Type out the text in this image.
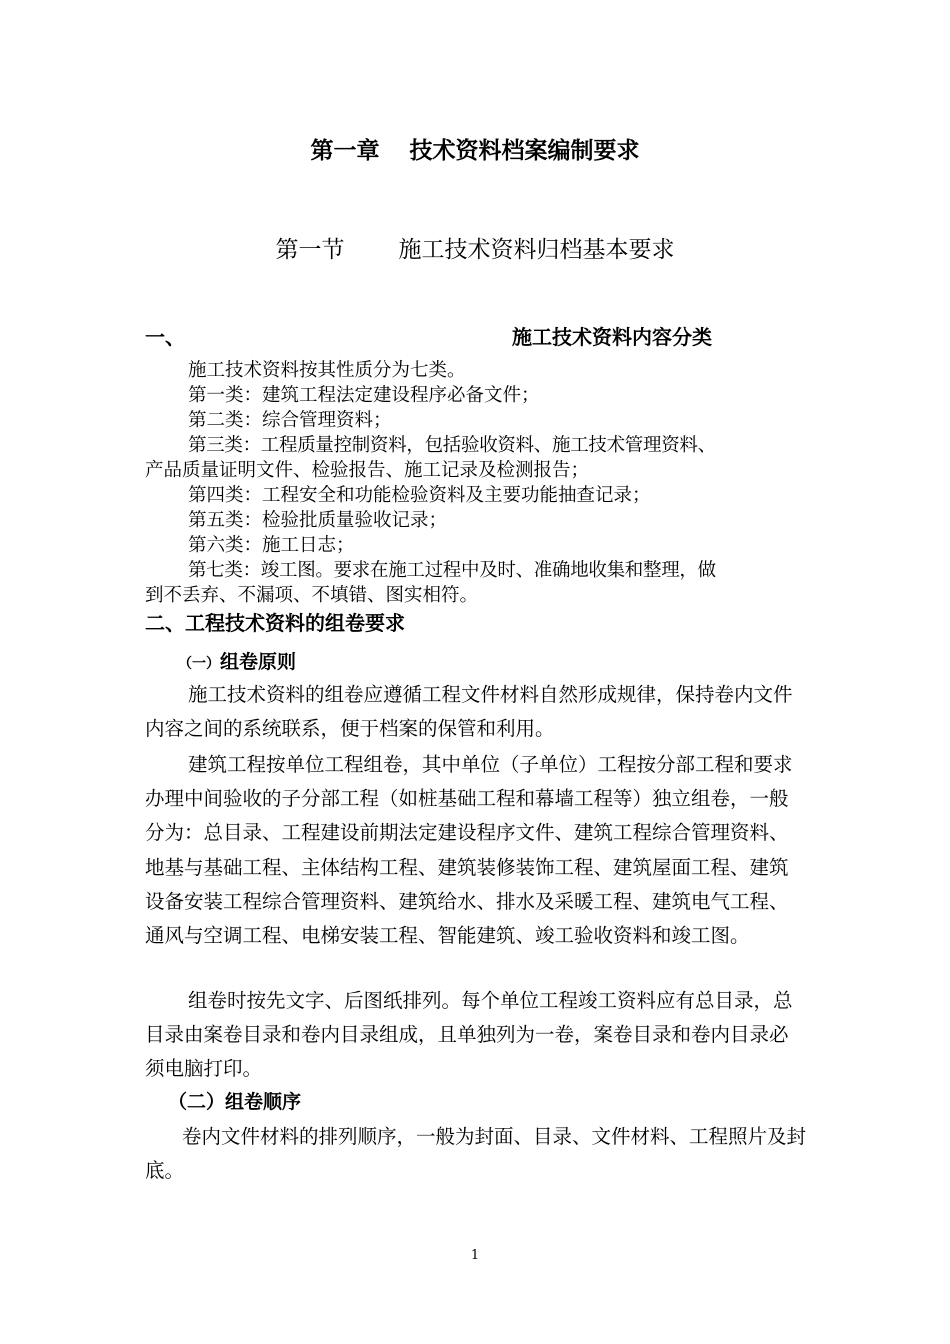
第一章 技术资料档案编制要求
第一节 施工技术资料归档基本要求
一、	施工技术资料内容分类
施工技术资料按其性质分为七类。
第一类：建筑工程法定建设程序必备文件；
第二类：综合管理资料；
第三类：工程质量控制资料，包括验收资料、施工技术管理资料、
产品质量证明文件、检验报告、施工记录及检测报告；
第四类：工程安全和功能检验资料及主要功能抽查记录；
第五类：检验批质量验收记录；
第六类：施工日志；
第七类：竣工图。要求在施工过程中及时、准确地收集和整理，做
到不丢弃、不漏项、不填错、图实相符。
二、工程技术资料的组卷要求
（一）组卷原则
施工技术资料的组卷应遵循工程文件材料自然形成规律，保持卷内文件内容之间的系统联系，便于档案的保管和利用。
建筑工程按单位工程组卷，其中单位（子单位）工程按分部工程和要求办理中间验收的子分部工程（如桩基础工程和幕墙工程等）独立组卷，一般分为：总目录、工程建设前期法定建设程序文件、建筑工程综合管理资料、地基与基础工程、主体结构工程、建筑装修装饰工程、建筑屋面工程、建筑设备安装工程综合管理资料、建筑给水、排水及采暖工程、建筑电气工程、通风与空调工程、电梯安装工程、智能建筑、竣工验收资料和竣工图。
组卷时按先文字、后图纸排列。每个单位工程竣工资料应有总目录，总目录由案卷目录和卷内目录组成，且单独列为一卷，案卷目录和卷内目录必须电脑打印。
（二）组卷顺序
卷内文件材料的排列顺序，一般为封面、目录、文件材料、工程照片及封底。
1
